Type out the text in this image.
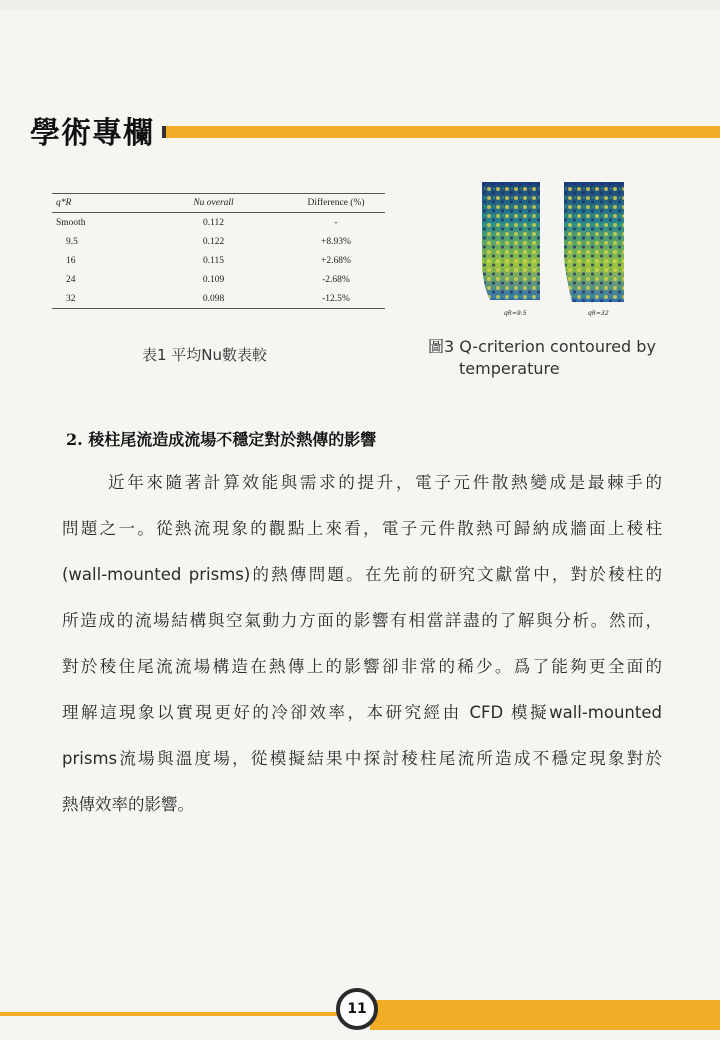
學術專欄
q*R	Nu overall	Difference (%)
Smooth	0.112	-
9.5	0.122	+8.93%
16	0.115	+2.68%
24	0.109	-2.68%
32	0.098	-12.5%
表1 平均Nu數表較
qR=9.5	qR=32
圖3 Q-criterion contoured by
temperature
2. 稜柱尾流造成流場不穩定對於熱傳的影響
近年來隨著計算效能與需求的提升，電子元件散熱變成是最棘手的
問題之一。從熱流現象的觀點上來看，電子元件散熱可歸納成牆面上稜柱
(wall-mounted prisms)的熱傳問題。在先前的研究文獻當中，對於稜柱的
所造成的流場結構與空氣動力方面的影響有相當詳盡的了解與分析。然而，
對於稜住尾流流場構造在熱傳上的影響卻非常的稀少。爲了能夠更全面的
理解這現象以實現更好的冷卻效率，本研究經由 CFD 模擬wall-mounted
prisms流場與溫度場，從模擬結果中探討稜柱尾流所造成不穩定現象對於
熱傳效率的影響。
11
